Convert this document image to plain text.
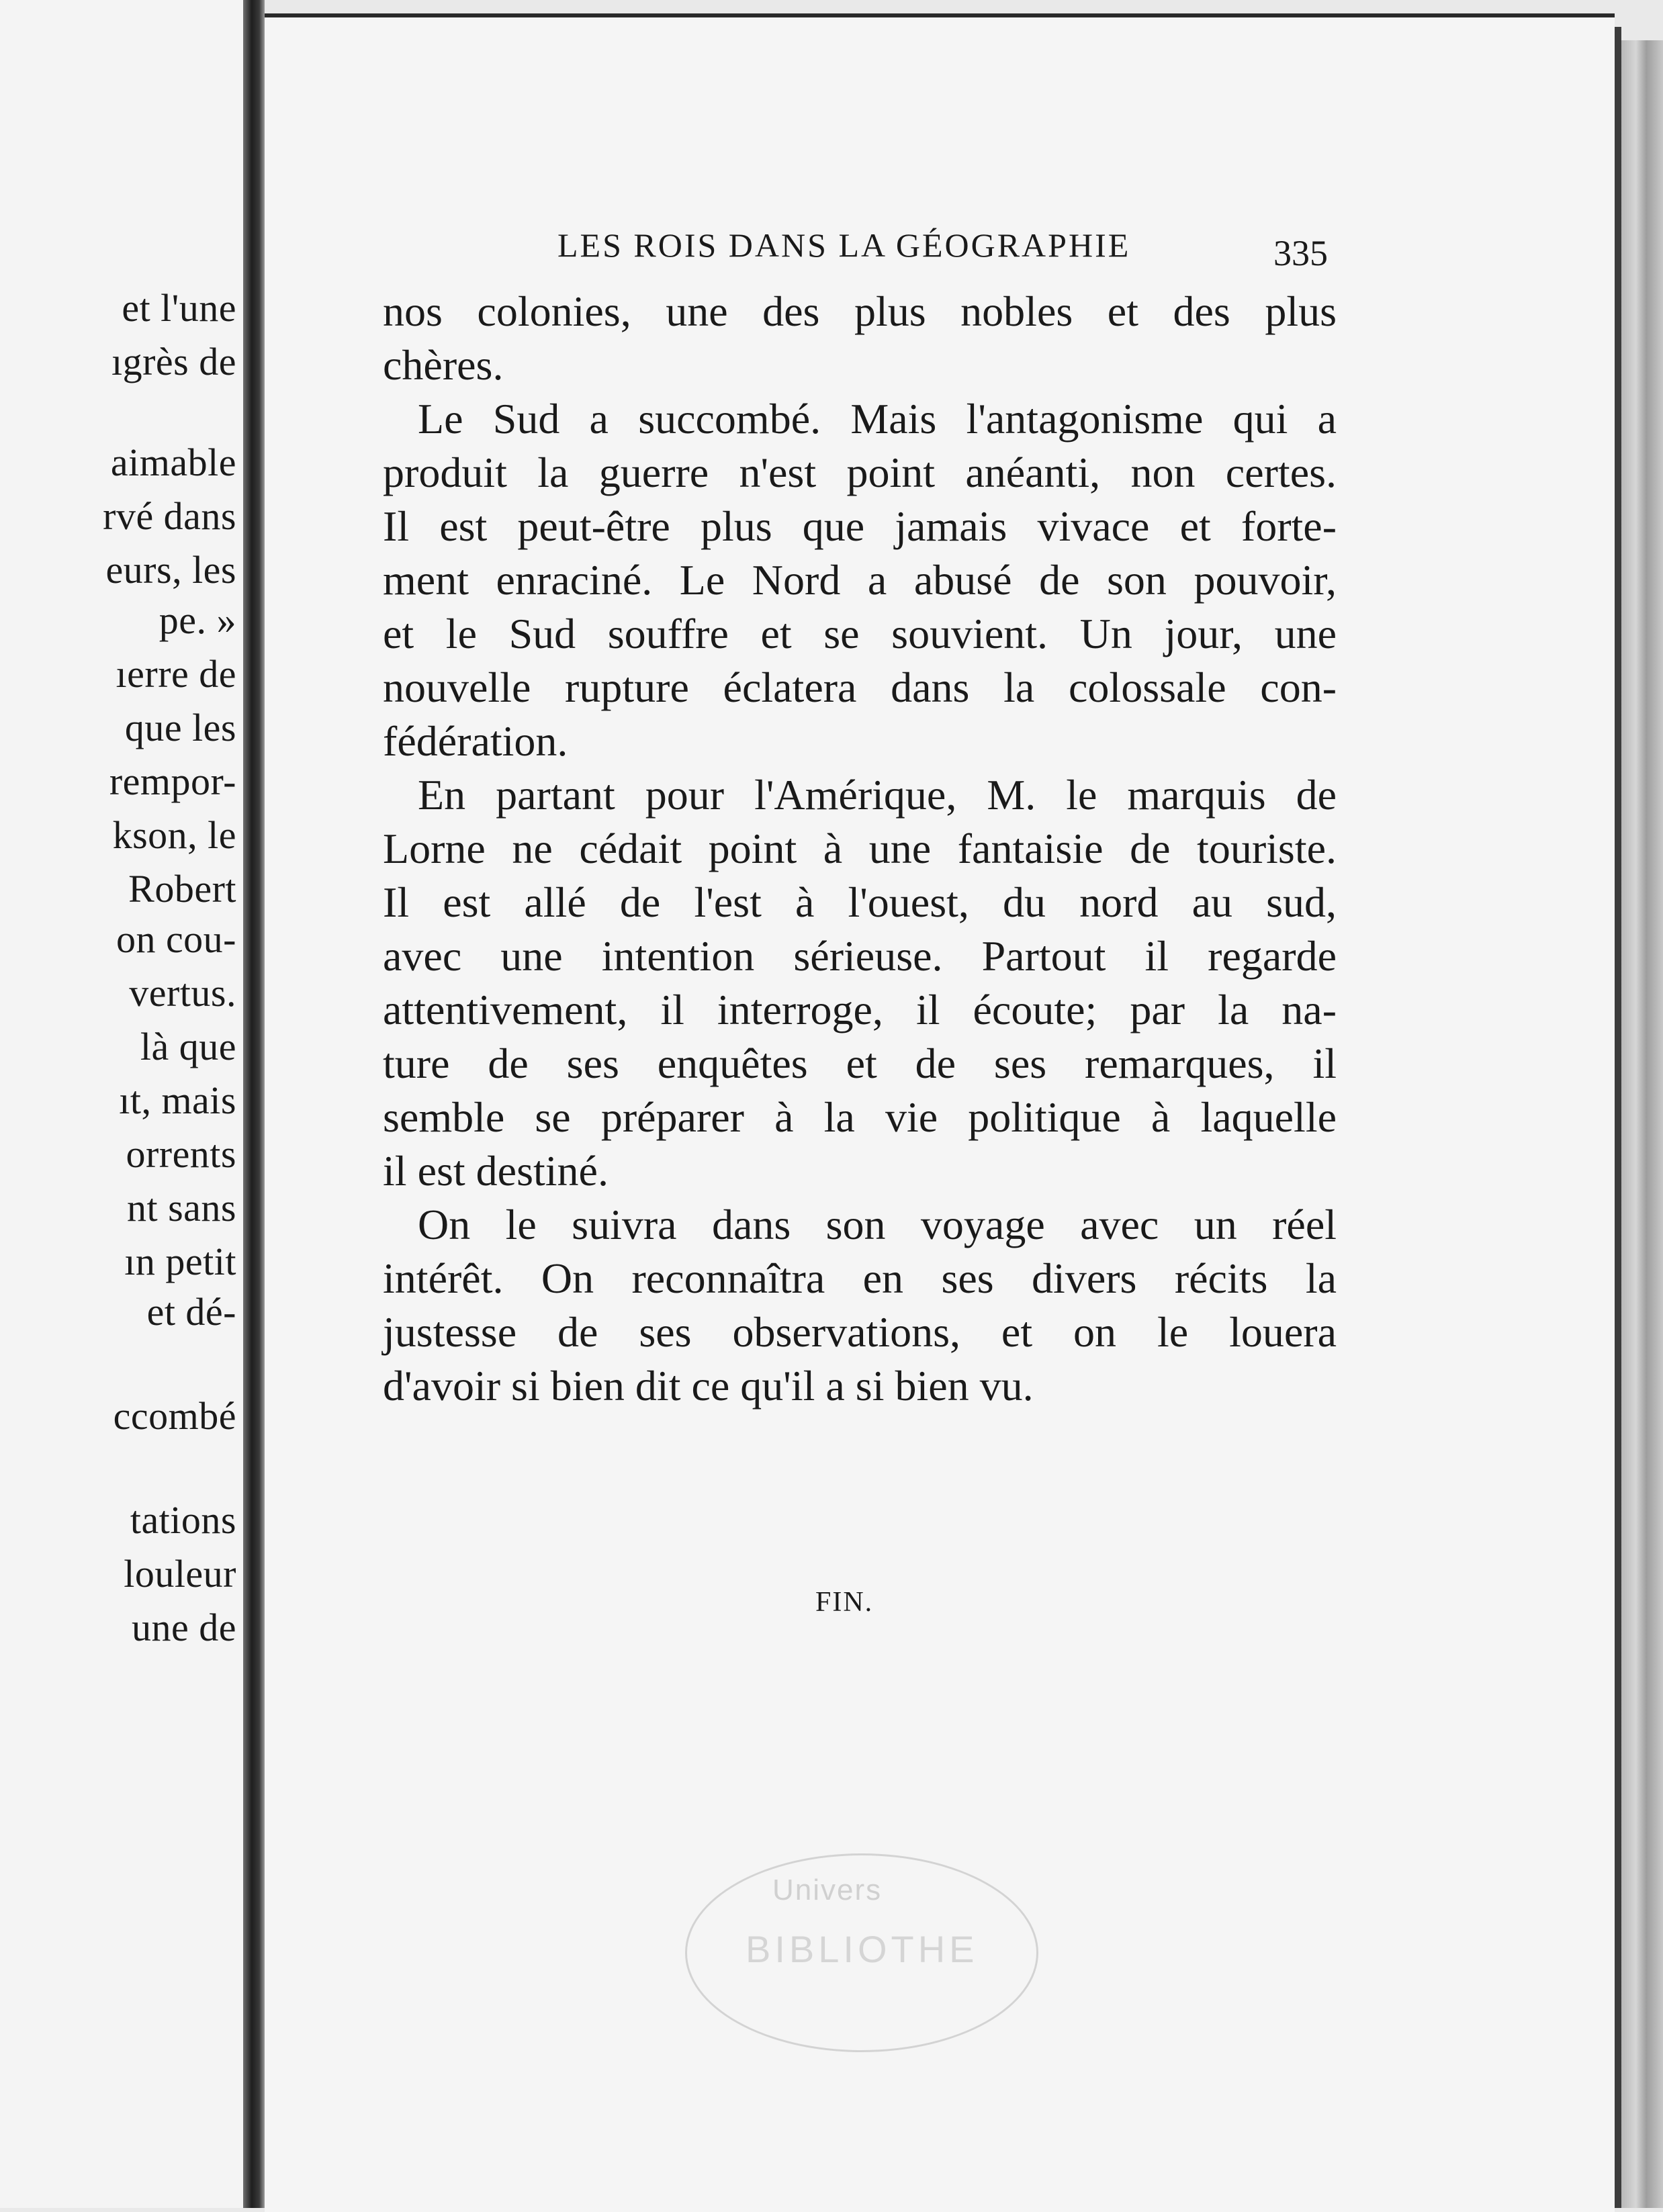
et l'une
ıgrès de
aimable
rvé dans
eurs, les
pe. »
ıerre de
que les
rempor-
kson, le
Robert
on cou-
vertus.
là que
ıt, mais
orrents
nt sans
ın petit
et dé-
ccombé
tations
louleur
une de
LES ROIS DANS LA GÉOGRAPHIE	335
nos colonies, une des plus nobles et des plus
chères.
Le Sud a succombé. Mais l'antagonisme qui a
produit la guerre n'est point anéanti, non certes.
Il est peut-être plus que jamais vivace et forte-
ment enraciné. Le Nord a abusé de son pouvoir,
et le Sud souffre et se souvient. Un jour, une
nouvelle rupture éclatera dans la colossale con-
fédération.
En partant pour l'Amérique, M. le marquis de
Lorne ne cédait point à une fantaisie de touriste.
Il est allé de l'est à l'ouest, du nord au sud,
avec une intention sérieuse. Partout il regarde
attentivement, il interroge, il écoute; par la na-
ture de ses enquêtes et de ses remarques, il
semble se préparer à la vie politique à laquelle
il est destiné.
On le suivra dans son voyage avec un réel
intérêt. On reconnaîtra en ses divers récits la
justesse de ses observations, et on le louera
d'avoir si bien dit ce qu'il a si bien vu.
FIN.
Univers
BIBLIOTHE
